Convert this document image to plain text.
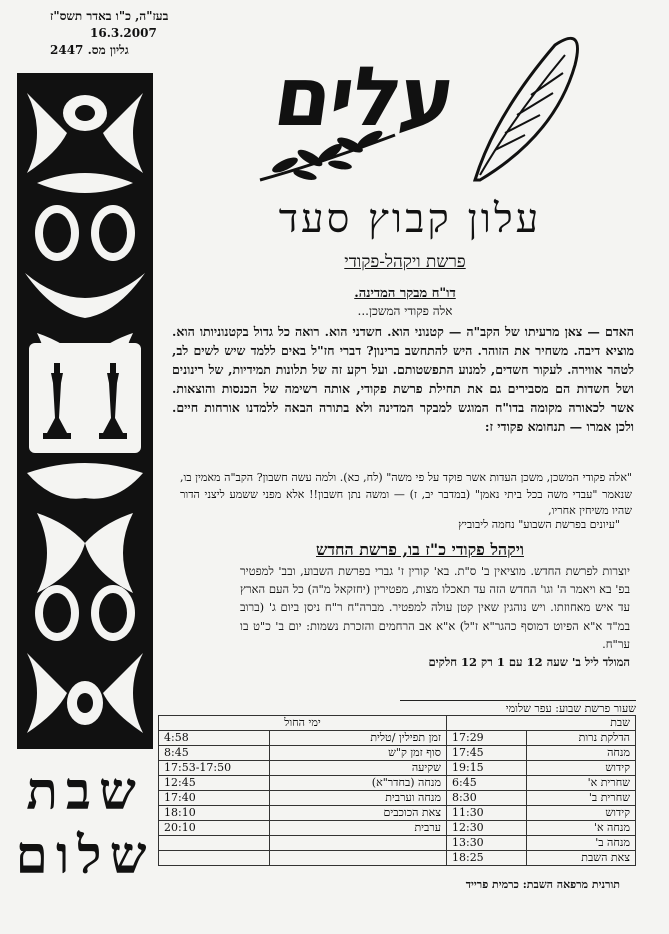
בעז"ה, כ"ו באדר תשס"ז
16.3.2007
גליון מס. 2447
שבת
שלום
עלים
עלון קבוץ סעד
פרשת ויקהל-פקודי
דו"ח מבקר המדינה.
אלה פקודי המשכן...
האדם — צאן מרעיתו של הקב"ה — קטנוני הוא. חשדני הוא. רואה כל גדול בקטנוניותו הוא. מוציא דיבה. משחיר את הזוהר. היש להתחשב ברינון? דברי חז"ל באים ללמד שיש לשים לב, לטהר אווירה. לעקור חשדים, למנוע התפשטותם. ועל רקע זה של תלונות תמידיות, של רינונים ושל חשדות הם מסבירים גם את תחילת פרשת פקודי, אותה רשימה של הכנסות והוצאות. אשר לכאורה מקומה בדו"ח המוגש למבקר המדינה ולא בתורה הבאה ללמדנו אורחות חיים. ולכן אמרו — תנחומא פקודי ז:
"אלה פקודי המשכן, משכן העדות אשר פוקד על פי משה" (לח, כא). ולמה עשה חשבון? הקב"ה מאמין בו, שנאמר "עבדי משה בכל ביתי נאמן" (במדבר יב, ז) — ומשה נתן חשבון!! אלא מפני ששמע ליצני הדור שהיו משיחין אחריו,
"עיונים בפרשת השבוע" נחמה ליבוביץ
ויקהל פקודי כ"ז בו, פרשת החדש
יוצרות לפרשת החדש. מוציאין ב' ס"ת. בא' קורין ז' גברי בפרשת השבוע, ובב' למפטיר בפ' בא ויאמר ה' וגו' החדש הזה עד תאכלו מצות, מפטירין (יחזקאל מ"ה) כל העם הארץ עד איש מאחוזתו. ויש נוהגין שאין קטן עולה למפטיר. מברה"ח ר"ח ניסן ביום ג' (ברוב במ"ד א"א הפיוט דמוסף כהגר"א ז"ל) א"א אב הרחמים והזכרת נשמות: יום ב' כ"ט בו ער"ח.
המולד ליל ב' שעה 12 עם 1 רק 12 חלקים
שעור פרשת שבוע: עפר שלומי
שבת		ימי החול	
הדלקת נרות	17:29	זמן תפילין /טלית	4:58
מנחה	17:45	סוף זמן ק"ש	8:45
קידוש	19:15	שקיעה	17:53-17:50
שחרית א'	6:45	מנחה (בחדר"א)	12:45
שחרית ב'	8:30	מנחה וערבית	17:40
קידוש	11:30	צאת הכוכבים	18:10
מנחה א'	12:30	ערבית	20:10
מנחה ב'	13:30		
צאת השבת	18:25		
תורנית מרפאה השבת: כרמית פרייד
